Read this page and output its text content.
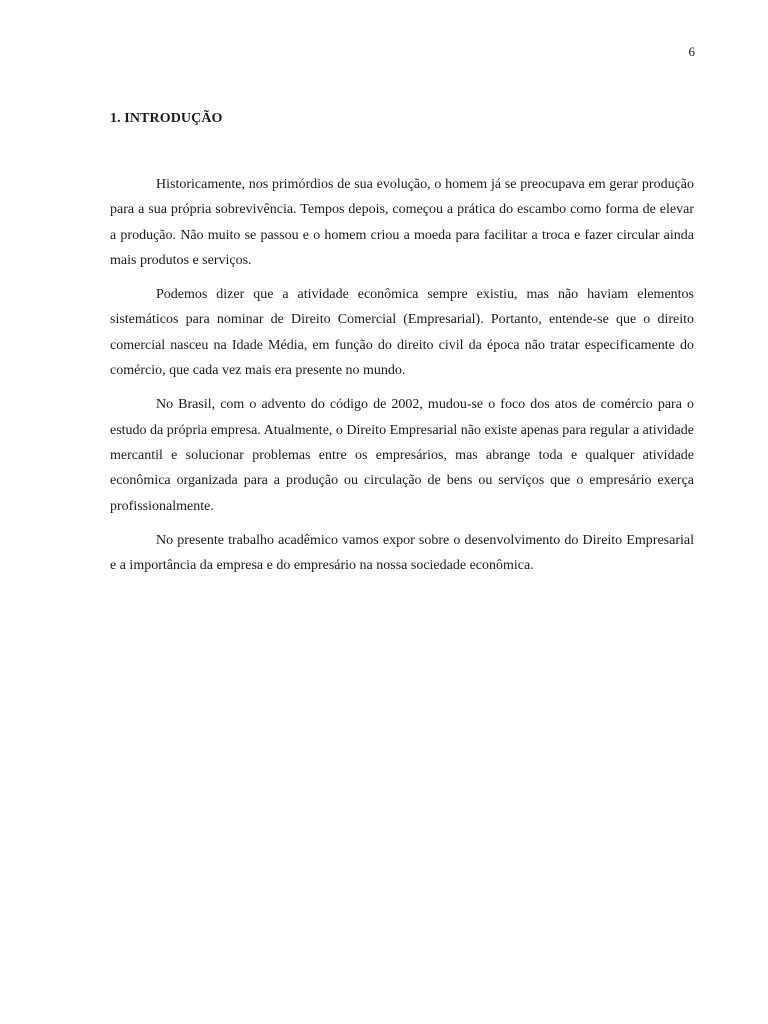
6
1. INTRODUÇÃO

Historicamente, nos primórdios de sua evolução, o homem já se preocupava em gerar produção para a sua própria sobrevivência. Tempos depois, começou a prática do escambo como forma de elevar a produção. Não muito se passou e o homem criou a moeda para facilitar a troca e fazer circular ainda mais produtos e serviços.

Podemos dizer que a atividade econômica sempre existiu, mas não haviam elementos sistemáticos para nominar de Direito Comercial (Empresarial). Portanto, entende-se que o direito comercial nasceu na Idade Média, em função do direito civil da época não tratar especificamente do comércio, que cada vez mais era presente no mundo.

No Brasil, com o advento do código de 2002, mudou-se o foco dos atos de comércio para o estudo da própria empresa. Atualmente, o Direito Empresarial não existe apenas para regular a atividade mercantil e solucionar problemas entre os empresários, mas abrange toda e qualquer atividade econômica organizada para a produção ou circulação de bens ou serviços que o empresário exerça profissionalmente.

No presente trabalho acadêmico vamos expor sobre o desenvolvimento do Direito Empresarial e a importância da empresa e do empresário na nossa sociedade econômica.
